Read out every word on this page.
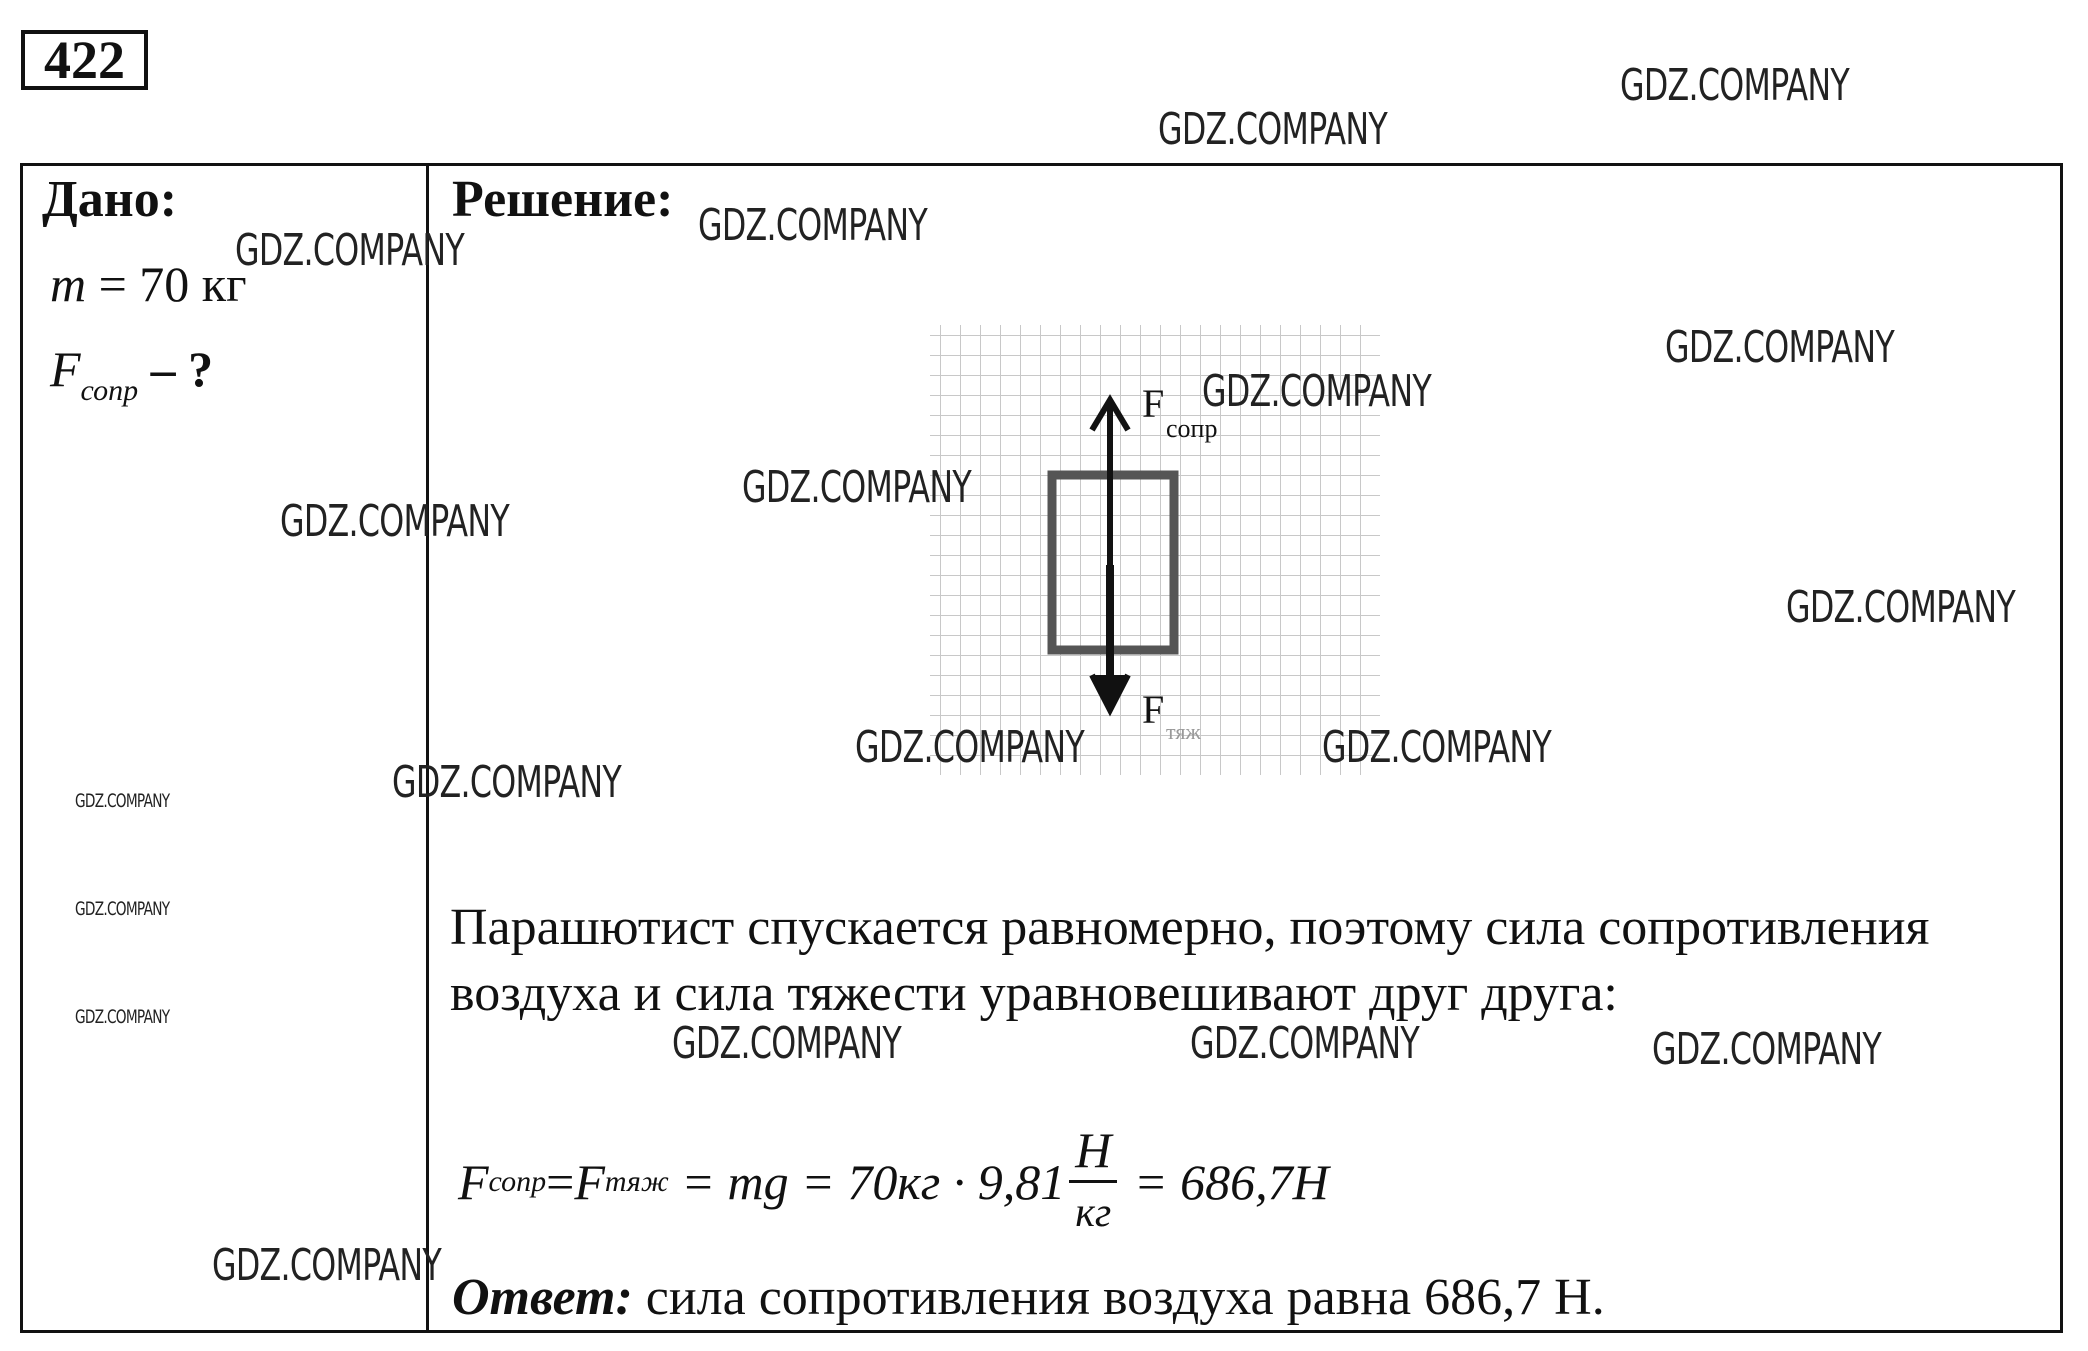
422
Дано:
m = 70 кг
$F_{сопр}$ – ?
Решение:
F
сопр
F тяж
Парашютист спускается равномерно, поэтому сила сопротивления воздуха и сила тяжести уравновешивают друг друга:
F сопр = F тяж = mg = $70кг \cdot 9,81 \frac{Н}{кг} = 686,7Н$
Ответ: сила сопротивления воздуха равна 686,7 Н.
GDZ.COMPANY
GDZ.COMPANY
GDZ.COMPANY	GDZ.COMPANY
GDZ.COMPANY
GDZ.COMPANY
GDZ.COMPANY
GDZ.COMPANY
GDZ.COMPANY
GDZ.COMPANY	GDZ.COMPANY
GDZ.COMPANY
GDZ.COMPANY	GDZ.COMPANY	GDZ.COMPANY
GDZ.COMPANY
GDZ.COMPANY
GDZ.COMPANY
GDZ.COMPANY
